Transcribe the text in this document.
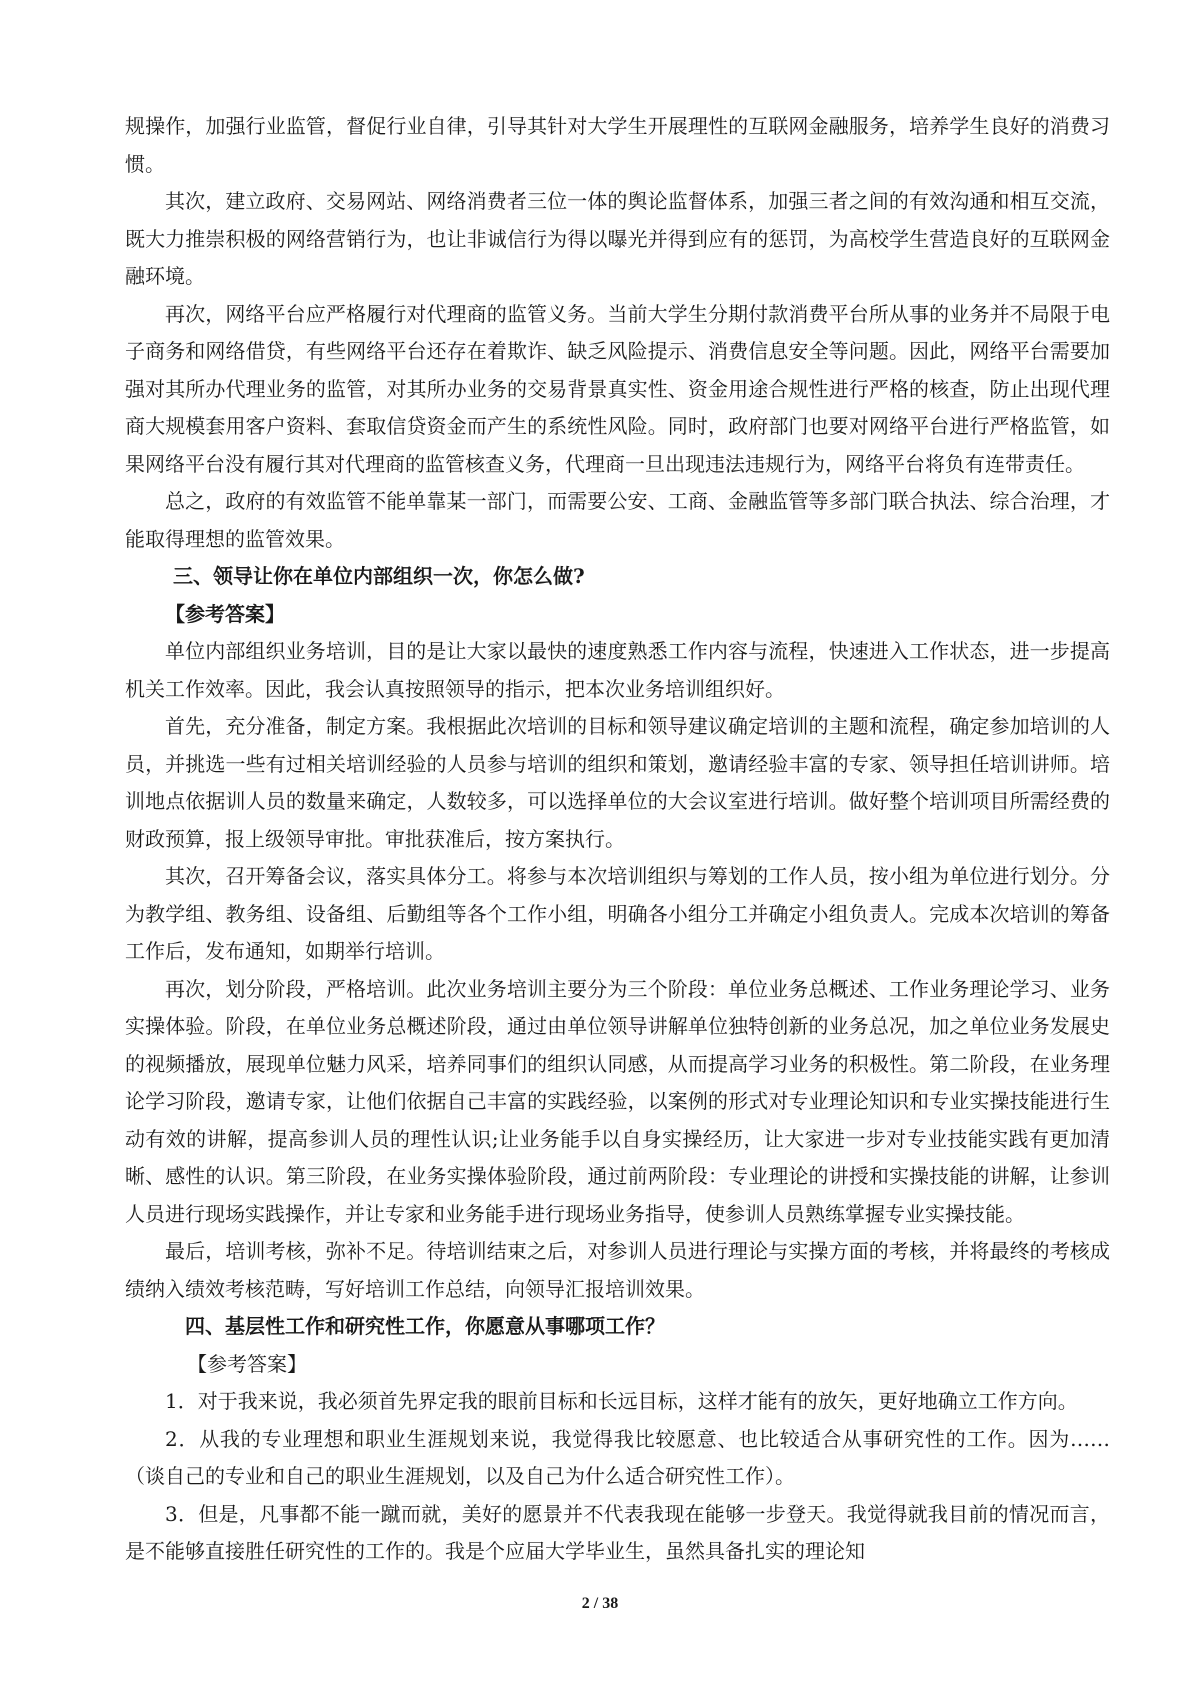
规操作，加强行业监管，督促行业自律，引导其针对大学生开展理性的互联网金融服务，培养学生良好的消费习惯。

其次，建立政府、交易网站、网络消费者三位一体的舆论监督体系，加强三者之间的有效沟通和相互交流，既大力推崇积极的网络营销行为，也让非诚信行为得以曝光并得到应有的惩罚，为高校学生营造良好的互联网金融环境。

再次，网络平台应严格履行对代理商的监管义务。当前大学生分期付款消费平台所从事的业务并不局限于电子商务和网络借贷，有些网络平台还存在着欺诈、缺乏风险提示、消费信息安全等问题。因此，网络平台需要加强对其所办代理业务的监管，对其所办业务的交易背景真实性、资金用途合规性进行严格的核查，防止出现代理商大规模套用客户资料、套取信贷资金而产生的系统性风险。同时，政府部门也要对网络平台进行严格监管，如果网络平台没有履行其对代理商的监管核查义务，代理商一旦出现违法违规行为，网络平台将负有连带责任。

总之，政府的有效监管不能单靠某一部门，而需要公安、工商、金融监管等多部门联合执法、综合治理，才能取得理想的监管效果。

三、领导让你在单位内部组织一次，你怎么做?

【参考答案】

单位内部组织业务培训，目的是让大家以最快的速度熟悉工作内容与流程，快速进入工作状态，进一步提高机关工作效率。因此，我会认真按照领导的指示，把本次业务培训组织好。

首先，充分准备，制定方案。我根据此次培训的目标和领导建议确定培训的主题和流程，确定参加培训的人员，并挑选一些有过相关培训经验的人员参与培训的组织和策划，邀请经验丰富的专家、领导担任培训讲师。培训地点依据训人员的数量来确定，人数较多，可以选择单位的大会议室进行培训。做好整个培训项目所需经费的财政预算，报上级领导审批。审批获准后，按方案执行。

其次，召开筹备会议，落实具体分工。将参与本次培训组织与筹划的工作人员，按小组为单位进行划分。分为教学组、教务组、设备组、后勤组等各个工作小组，明确各小组分工并确定小组负责人。完成本次培训的筹备工作后，发布通知，如期举行培训。

再次，划分阶段，严格培训。此次业务培训主要分为三个阶段：单位业务总概述、工作业务理论学习、业务实操体验。阶段，在单位业务总概述阶段，通过由单位领导讲解单位独特创新的业务总况，加之单位业务发展史的视频播放，展现单位魅力风采，培养同事们的组织认同感，从而提高学习业务的积极性。第二阶段，在业务理论学习阶段，邀请专家，让他们依据自己丰富的实践经验，以案例的形式对专业理论知识和专业实操技能进行生动有效的讲解，提高参训人员的理性认识;让业务能手以自身实操经历，让大家进一步对专业技能实践有更加清晰、感性的认识。第三阶段，在业务实操体验阶段，通过前两阶段：专业理论的讲授和实操技能的讲解，让参训人员进行现场实践操作，并让专家和业务能手进行现场业务指导，使参训人员熟练掌握专业实操技能。

最后，培训考核，弥补不足。待培训结束之后，对参训人员进行理论与实操方面的考核，并将最终的考核成绩纳入绩效考核范畴，写好培训工作总结，向领导汇报培训效果。

四、基层性工作和研究性工作，你愿意从事哪项工作？

【参考答案】

1．对于我来说，我必须首先界定我的眼前目标和长远目标，这样才能有的放矢，更好地确立工作方向。

2．从我的专业理想和职业生涯规划来说，我觉得我比较愿意、也比较适合从事研究性的工作。因为……（谈自己的专业和自己的职业生涯规划，以及自己为什么适合研究性工作）。

3．但是，凡事都不能一蹴而就，美好的愿景并不代表我现在能够一步登天。我觉得就我目前的情况而言，是不能够直接胜任研究性的工作的。我是个应届大学毕业生，虽然具备扎实的理论知

2 / 38
